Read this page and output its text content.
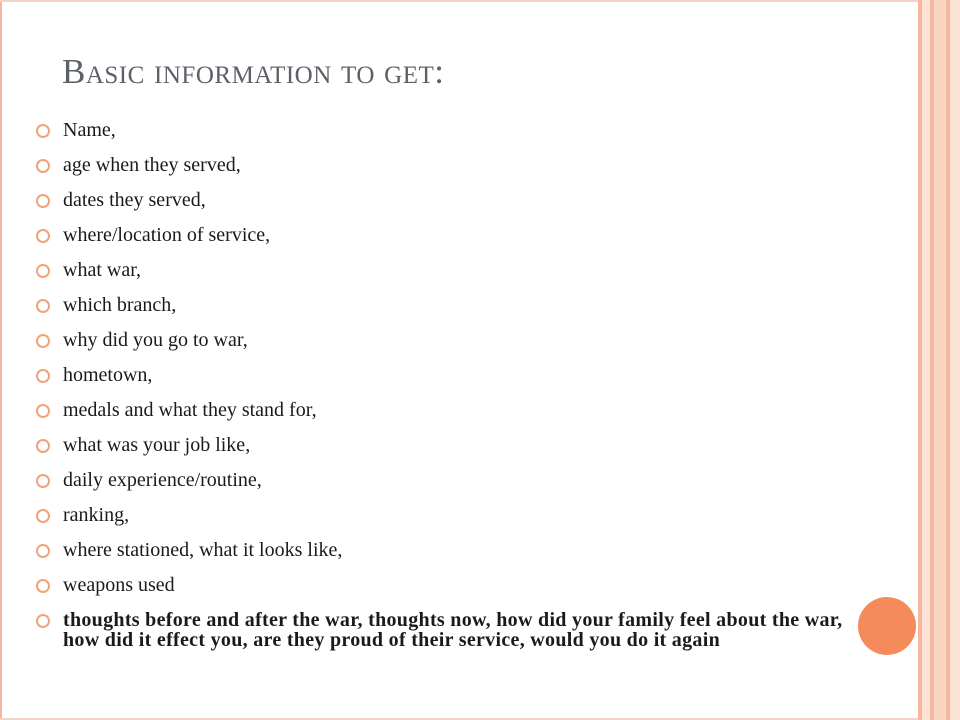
Basic information to get:
Name,
age when they served,
dates they served,
where/location of service,
what war,
which branch,
why did you go to war,
hometown,
medals and what they stand for,
what was your job like,
daily experience/routine,
ranking,
where stationed, what it looks like,
weapons used
thoughts before and after the war, thoughts now, how did your family feel about the war, how did it effect you, are they proud of their service, would you do it again
